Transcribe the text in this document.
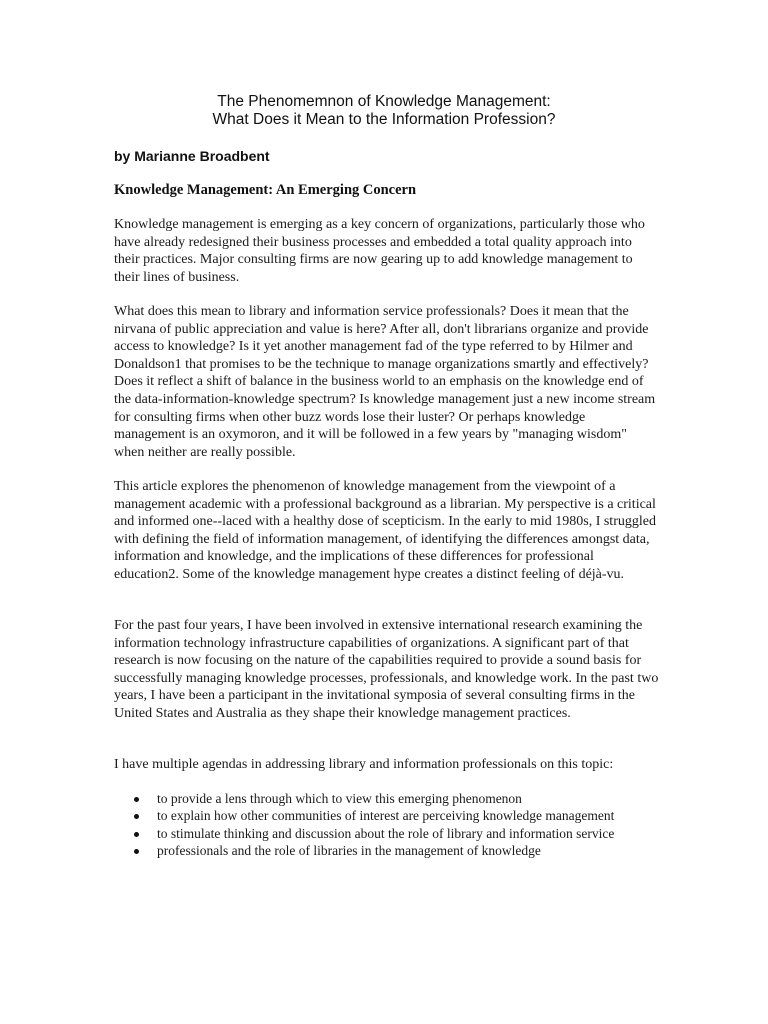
The Phenomemnon of Knowledge Management:
What Does it Mean to the Information Profession?
by Marianne Broadbent
Knowledge Management: An Emerging Concern

Knowledge management is emerging as a key concern of organizations, particularly those who have already redesigned their business processes and embedded a total quality approach into their practices. Major consulting firms are now gearing up to add knowledge management to their lines of business.

What does this mean to library and information service professionals? Does it mean that the nirvana of public appreciation and value is here? After all, don't librarians organize and provide access to knowledge? Is it yet another management fad of the type referred to by Hilmer and Donaldson1 that promises to be the technique to manage organizations smartly and effectively? Does it reflect a shift of balance in the business world to an emphasis on the knowledge end of the data-information-knowledge spectrum? Is knowledge management just a new income stream for consulting firms when other buzz words lose their luster? Or perhaps knowledge management is an oxymoron, and it will be followed in a few years by "managing wisdom" when neither are really possible.

This article explores the phenomenon of knowledge management from the viewpoint of a management academic with a professional background as a librarian. My perspective is a critical and informed one--laced with a healthy dose of scepticism. In the early to mid 1980s, I struggled with defining the field of information management, of identifying the differences amongst data, information and knowledge, and the implications of these differences for professional education2. Some of the knowledge management hype creates a distinct feeling of déjà-vu.

For the past four years, I have been involved in extensive international research examining the information technology infrastructure capabilities of organizations. A significant part of that research is now focusing on the nature of the capabilities required to provide a sound basis for successfully managing knowledge processes, professionals, and knowledge work. In the past two years, I have been a participant in the invitational symposia of several consulting firms in the United States and Australia as they shape their knowledge management practices.

I have multiple agendas in addressing library and information professionals on this topic:

to provide a lens through which to view this emerging phenomenon
to explain how other communities of interest are perceiving knowledge management
to stimulate thinking and discussion about the role of library and information service
professionals and the role of libraries in the management of knowledge
